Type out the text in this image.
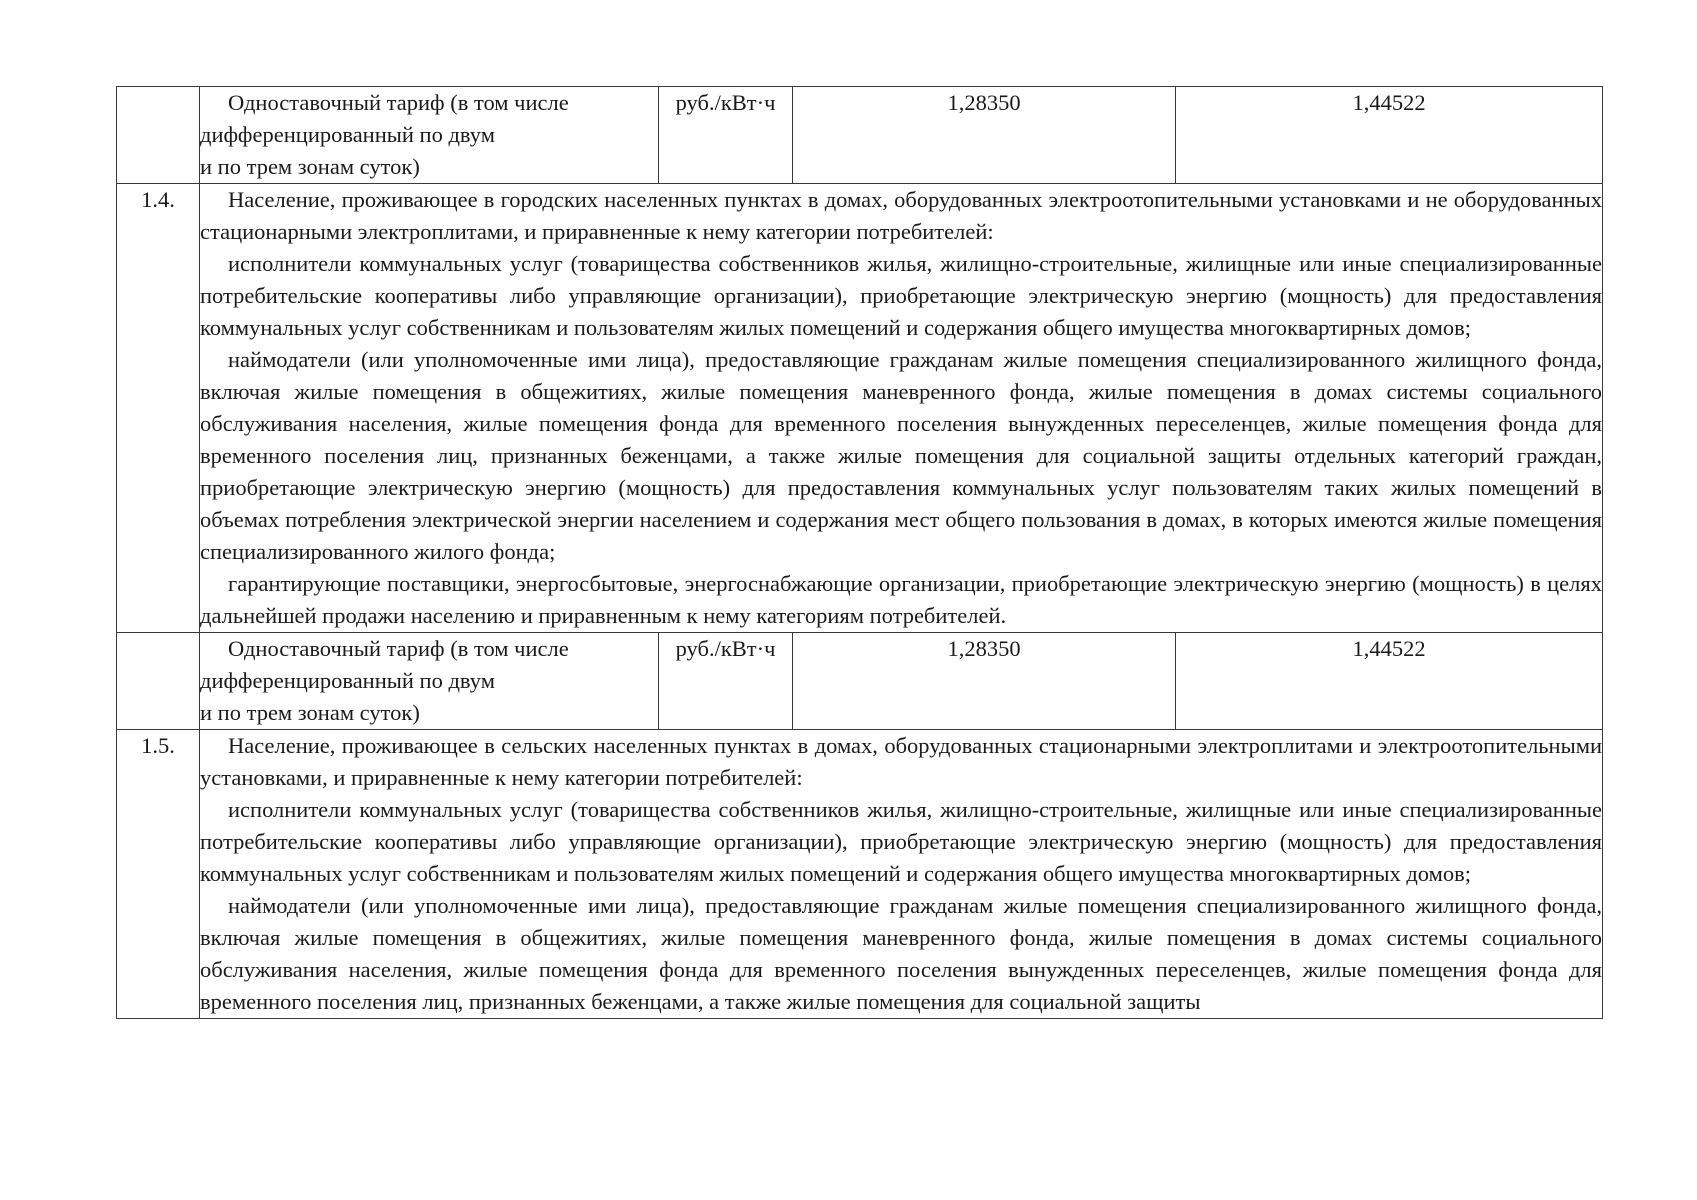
	Одноставочный тариф (в том числе
дифференцированный по двум
и по трем зонам суток)	руб./кВт·ч	1,28350	1,44522
1.4.	Население, проживающее в городских населенных пунктах в домах, оборудованных электроотопительными установками и не оборудованных стационарными электроплитами, и приравненные к нему категории потребителей:

исполнители коммунальных услуг (товарищества собственников жилья, жилищно-строительные, жилищные или иные специализированные потребительские кооперативы либо управляющие организации), приобретающие электрическую энергию (мощность) для предоставления коммунальных услуг собственникам и пользователям жилых помещений и содержания общего имущества многоквартирных домов;

наймодатели (или уполномоченные ими лица), предоставляющие гражданам жилые помещения специализированного жилищного фонда, включая жилые помещения в общежитиях, жилые помещения маневренного фонда, жилые помещения в домах системы социального обслуживания населения, жилые помещения фонда для временного поселения вынужденных переселенцев, жилые помещения фонда для временного поселения лиц, признанных беженцами, а также жилые помещения для социальной защиты отдельных категорий граждан, приобретающие электрическую энергию (мощность) для предоставления коммунальных услуг пользователям таких жилых помещений в объемах потребления электрической энергии населением и содержания мест общего пользования в домах, в которых имеются жилые помещения специализированного жилого фонда;

гарантирующие поставщики, энергосбытовые, энергоснабжающие организации, приобретающие электрическую энергию (мощность) в целях дальнейшей продажи населению и приравненным к нему категориям потребителей.			

	Одноставочный тариф (в том числе
дифференцированный по двум
и по трем зонам суток)	руб./кВт·ч	1,28350	1,44522
1.5.	Население, проживающее в сельских населенных пунктах в домах, оборудованных стационарными электроплитами и электроотопительными установками, и приравненные к нему категории потребителей:

исполнители коммунальных услуг (товарищества собственников жилья, жилищно-строительные, жилищные или иные специализированные потребительские кооперативы либо управляющие организации), приобретающие электрическую энергию (мощность) для предоставления коммунальных услуг собственникам и пользователям жилых помещений и содержания общего имущества многоквартирных домов;

наймодатели (или уполномоченные ими лица), предоставляющие гражданам жилые помещения специализированного жилищного фонда, включая жилые помещения в общежитиях, жилые помещения маневренного фонда, жилые помещения в домах системы социального обслуживания населения, жилые помещения фонда для временного поселения вынужденных переселенцев, жилые помещения фонда для временного поселения лиц, признанных беженцами, а также жилые помещения для социальной защиты			
